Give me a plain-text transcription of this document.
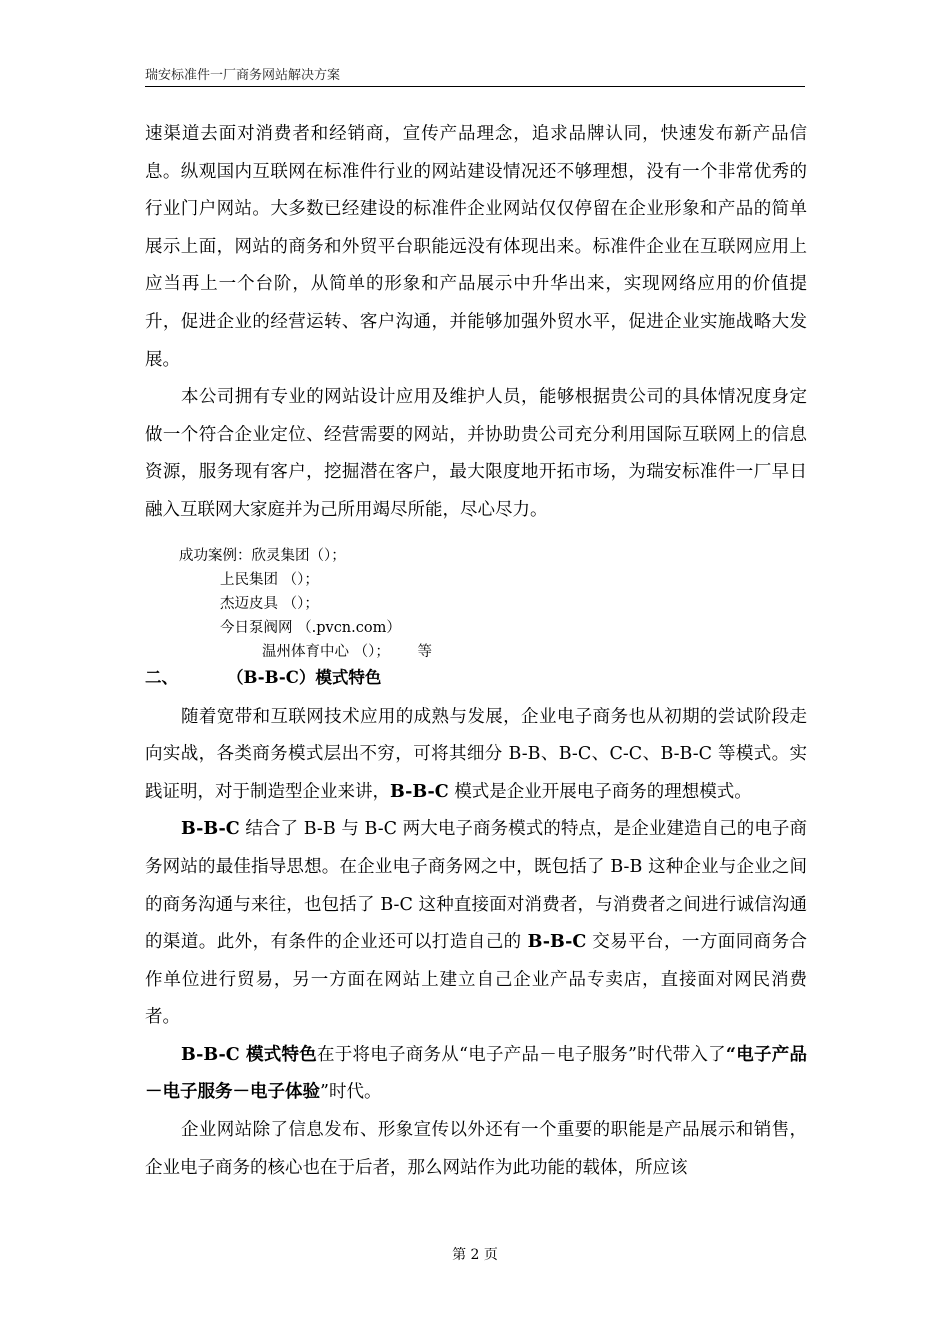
瑞安标准件一厂商务网站解决方案

速渠道去面对消费者和经销商，宣传产品理念，追求品牌认同，快速发布新产品信息。纵观国内互联网在标准件行业的网站建设情况还不够理想，没有一个非常优秀的行业门户网站。大多数已经建设的标准件企业网站仅仅停留在企业形象和产品的简单展示上面，网站的商务和外贸平台职能远没有体现出来。标准件企业在互联网应用上应当再上一个台阶，从简单的形象和产品展示中升华出来，实现网络应用的价值提升，促进企业的经营运转、客户沟通，并能够加强外贸水平，促进企业实施战略大发展。

本公司拥有专业的网站设计应用及维护人员，能够根据贵公司的具体情况度身定做一个符合企业定位、经营需要的网站，并协助贵公司充分利用国际互联网上的信息资源，服务现有客户，挖掘潜在客户，最大限度地开拓市场，为瑞安标准件一厂早日融入互联网大家庭并为己所用竭尽所能，尽心尽力。

成功案例：欣灵集团（）；
上民集团 （）；
杰迈皮具 （）；
今日泵阀网 （.pvcn.com）
温州体育中心 （）；      等
二、	（B-B-C）模式特色

随着宽带和互联网技术应用的成熟与发展，企业电子商务也从初期的尝试阶段走向实战，各类商务模式层出不穷，可将其细分 B-B、B-C、C-C、B-B-C 等模式。实践证明，对于制造型企业来讲，B-B-C 模式是企业开展电子商务的理想模式。

B-B-C 结合了 B-B 与 B-C 两大电子商务模式的特点，是企业建造自己的电子商务网站的最佳指导思想。在企业电子商务网之中，既包括了 B-B 这种企业与企业之间的商务沟通与来往，也包括了 B-C 这种直接面对消费者，与消费者之间进行诚信沟通的渠道。此外，有条件的企业还可以打造自己的 B-B-C 交易平台，一方面同商务合作单位进行贸易，另一方面在网站上建立自己企业产品专卖店，直接面对网民消费者。

B-B-C 模式特色在于将电子商务从“电子产品－电子服务”时代带入了“电子产品－电子服务－电子体验”时代。

企业网站除了信息发布、形象宣传以外还有一个重要的职能是产品展示和销售，企业电子商务的核心也在于后者，那么网站作为此功能的载体，所应该

第 2 页
